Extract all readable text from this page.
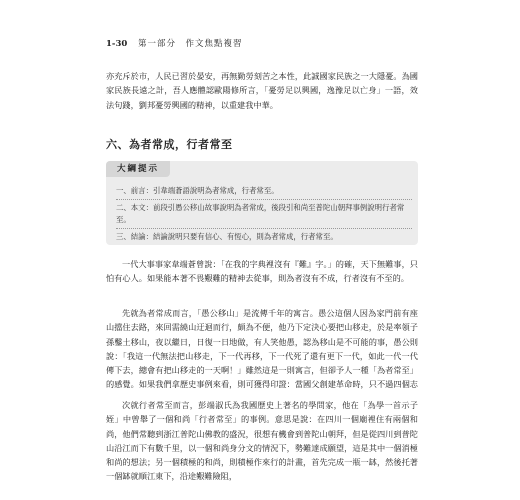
1-30 第一部分　作文焦點複習
亦充斥於市，人民已習於晏安，再無勤勞刻苦之本性，此誠國家民族之一大隱憂。為國家民族長遠之計，吾人應體認歐陽修所言，「憂勞足以興國，逸豫足以亡身」一語，效法句踐，劉邦憂勞興國的精神，以重建我中華。
六、為者常成，行者常至
大綱提示
一、前言：引韋端蒼語說明為者常成，行者常至。
二、本文：前段引愚公移山故事說明為者常成，後段引和尚至普陀山朝拜事例說明行者常至。
三、結論：結論說明只要有信心、有恆心，則為者常成，行者常至。
一代大事事家韋端蒼曾說：「在我的字典裡沒有『難』字。」的確，天下無難事，只怕有心人。如果能本著不畏艱難的精神去從事，則為者沒有不成，行者沒有不至的。
先就為者常成而言，「愚公移山」是流傳千年的寓言。愚公這個人因為家門前有座山擋住去路，來回需繞山迂迴而行，頗為不便，他乃下定決心要把山移走，於是率領子孫鑿土移山，夜以繼日，日復一日地做，有人笑他愚，認為移山是不可能的事，愚公則說：「我這一代無法把山移走，下一代再移，下一代死了還有更下一代，如此一代一代傳下去，總會有把山移走的一天啊！」雖然這是一則寓言，但卻予人一種「為者常至」的感覺。如果我們拿歷史事例來看，則可獲得印證：當國父創建革命時，只不過四個志
次就行者常至而言，彭端淑氏為我國歷史上著名的學問家，他在「為學一首示子姪」中曾舉了一個和尚「行者常至」的事例。意思是說：在四川一個廟裡住有兩個和尚，他們常聽到浙江普陀山佛教的盛況，很想有機會到普陀山朝拜，但是從四川到普陀山沿江而下有數千里，以一個和尚身分文的情況下，勢難達成願望，這是其中一個消極和尚的想法；另一個積極的和尚，則積極作來行的計畫，首先完成一瓶一缽，然後托著一個缽就順江東下，沿途艱難險阻，
